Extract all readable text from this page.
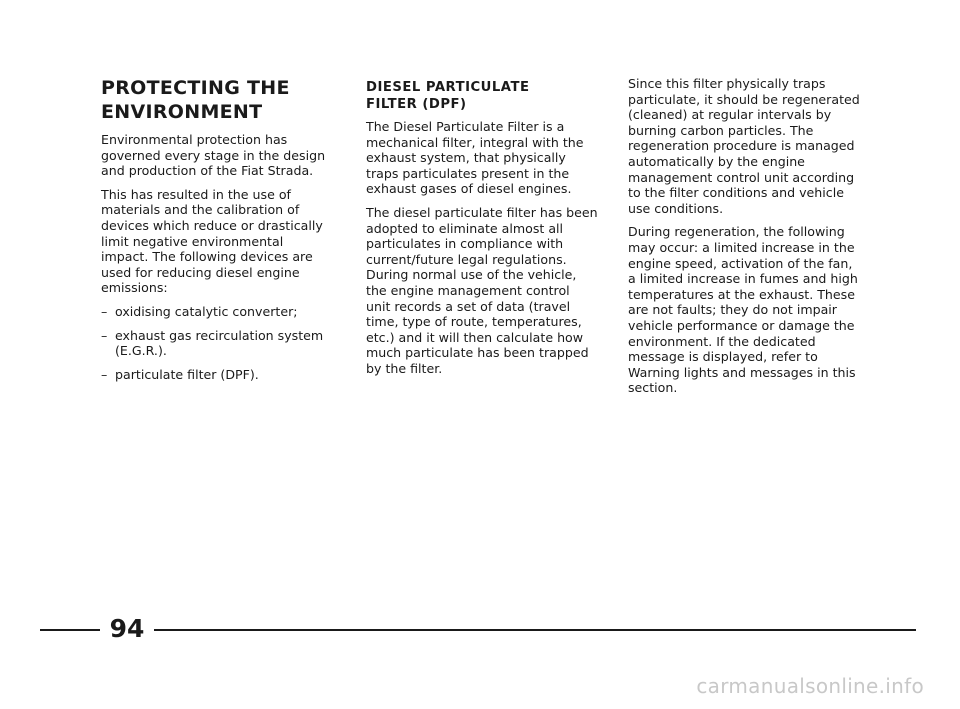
PROTECTING THE
ENVIRONMENT

Environmental protection has governed every stage in the design and production of the Fiat Strada.

This has resulted in the use of materials and the calibration of devices which reduce or drastically limit negative environmental impact. The following devices are used for reducing diesel engine emissions:

– oxidising catalytic converter;
– exhaust gas recirculation system (E.G.R.).
– particulate filter (DPF).
DIESEL PARTICULATE
FILTER (DPF)

The Diesel Particulate Filter is a mechanical filter, integral with the exhaust system, that physically traps particulates present in the exhaust gases of diesel engines.

The diesel particulate filter has been adopted to eliminate almost all particulates in compliance with current/future legal regulations. During normal use of the vehicle, the engine management control unit records a set of data (travel time, type of route, temperatures, etc.) and it will then calculate how much particulate has been trapped by the filter.

Since this filter physically traps particulate, it should be regenerated (cleaned) at regular intervals by burning carbon particles. The regeneration procedure is managed automatically by the engine management control unit according to the filter conditions and vehicle use conditions.

During regeneration, the following may occur: a limited increase in the engine speed, activation of the fan, a limited increase in fumes and high temperatures at the exhaust. These are not faults; they do not impair vehicle performance or damage the environment. If the dedicated message is displayed, refer to Warning lights and messages in this section.

94
carmanualsonline.info
